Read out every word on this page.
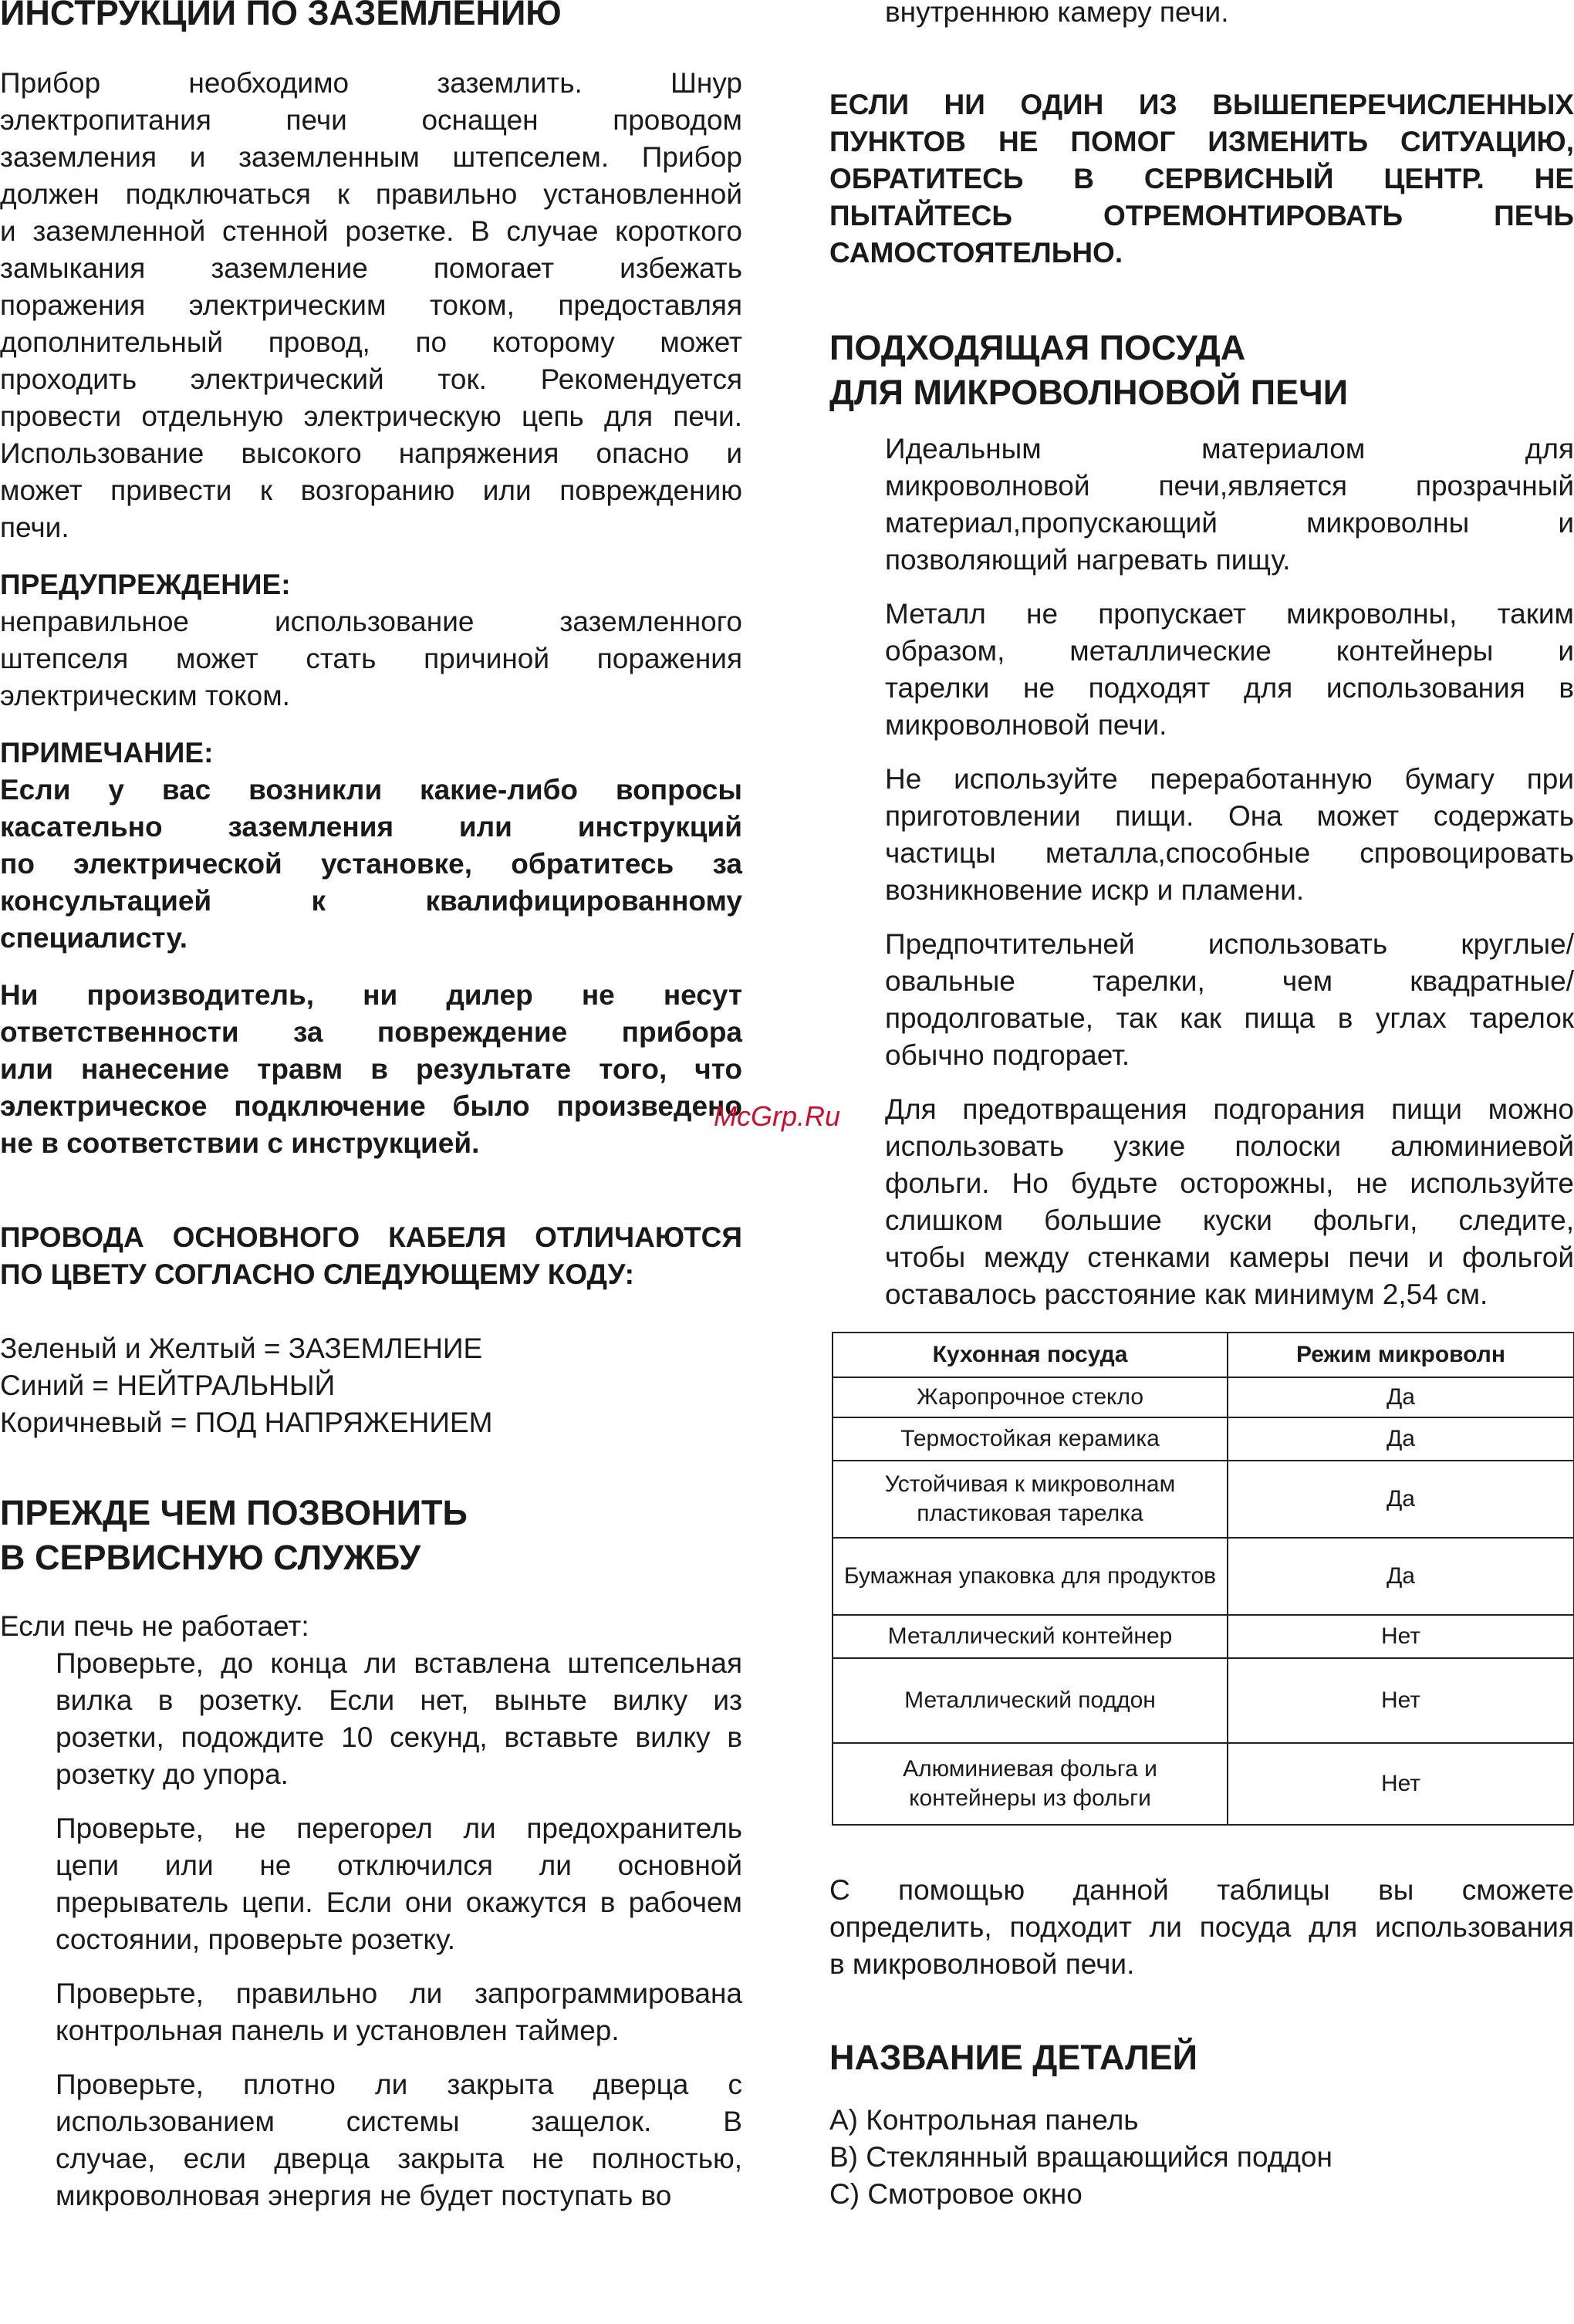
ИНСТРУКЦИИ ПО ЗАЗЕМЛЕНИЮ

Прибор необходимо заземлить. Шнур

электропитания печи оснащен проводом

заземления и заземленным штепселем. Прибор

должен подключаться к правильно установленной

и заземленной стенной розетке. В случае короткого

замыкания заземление помогает избежать

поражения электрическим током, предоставляя

дополнительный провод, по которому может

проходить электрический ток. Рекомендуется

провести отдельную электрическую цепь для печи.

Использование высокого напряжения опасно и

может привести к возгоранию или повреждению

печи.

ПРЕДУПРЕЖДЕНИЕ:

неправильное использование заземленного

штепселя может стать причиной поражения

электрическим током.

ПРИМЕЧАНИЕ:

Если у вас возникли какие-либо вопросы

касательно заземления или инструкций

по электрической установке, обратитесь за

консультацией к квалифицированному

специалисту.

Ни производитель, ни дилер не несут

ответственности за повреждение прибора

или нанесение травм в результате того, что

электрическое подключение было произведено

не в соответствии с инструкцией.

ПРОВОДА ОСНОВНОГО КАБЕЛЯ ОТЛИЧАЮТСЯ

ПО ЦВЕТУ СОГЛАСНО СЛЕДУЮЩЕМУ КОДУ:

Зеленый и Желтый = ЗАЗЕМЛЕНИЕ

Синий = НЕЙТРАЛЬНЫЙ

Коричневый = ПОД НАПРЯЖЕНИЕМ

ПРЕЖДЕ ЧЕМ ПОЗВОНИТЬ
В СЕРВИСНУЮ СЛУЖБУ

Если печь не работает:

Проверьте, до конца ли вставлена штепсельная

вилка в розетку. Если нет, выньте вилку из

розетки, подождите 10 секунд, вставьте вилку в

розетку до упора.

Проверьте, не перегорел ли предохранитель

цепи или не отключился ли основной

прерыватель цепи. Если они окажутся в рабочем

состоянии, проверьте розетку.

Проверьте, правильно ли запрограммирована

контрольная панель и установлен таймер.

Проверьте, плотно ли закрыта дверца с

использованием системы защелок. В

случае, если дверца закрыта не полностью,

микроволновая энергия не будет поступать во

внутреннюю камеру печи.

ЕСЛИ НИ ОДИН ИЗ ВЫШЕПЕРЕЧИСЛЕННЫХ

ПУНКТОВ НЕ ПОМОГ ИЗМЕНИТЬ СИТУАЦИЮ,

ОБРАТИТЕСЬ В СЕРВИСНЫЙ ЦЕНТР. НЕ

ПЫТАЙТЕСЬ ОТРЕМОНТИРОВАТЬ ПЕЧЬ

САМОСТОЯТЕЛЬНО.

ПОДХОДЯЩАЯ ПОСУДА
ДЛЯ МИКРОВОЛНОВОЙ ПЕЧИ

Идеальным материалом для

микроволновой печи,является прозрачный

материал,пропускающий микроволны и

позволяющий нагревать пищу.

Металл не пропускает микроволны, таким

образом, металлические контейнеры и

тарелки не подходят для использования в

микроволновой печи.

Не используйте переработанную бумагу при

приготовлении пищи. Она может содержать

частицы металла,способные спровоцировать

возникновение искр и пламени.

Предпочтительней использовать круглые/

овальные тарелки, чем квадратные/

продолговатые, так как пища в углах тарелок

обычно подгорает.

Для предотвращения подгорания пищи можно

использовать узкие полоски алюминиевой

фольги. Но будьте осторожны, не используйте

слишком большие куски фольги, следите,

чтобы между стенками камеры печи и фольгой

оставалось расстояние как минимум 2,54 см.

Кухонная посуда	Режим микроволн
Жаропрочное стекло	Да
Термостойкая керамика	Да
Устойчивая к микроволнам пластиковая тарелка	Да
Бумажная упаковка для продуктов	Да
Металлический контейнер	Нет
Металлический поддон	Нет
Алюминиевая фольга и контейнеры из фольги	Нет

С помощью данной таблицы вы сможете

определить, подходит ли посуда для использования

в микроволновой печи.

НАЗВАНИЕ ДЕТАЛЕЙ

A) Контрольная панель

B) Стеклянный вращающийся поддон

C) Смотровое окно

McGrp.Ru
